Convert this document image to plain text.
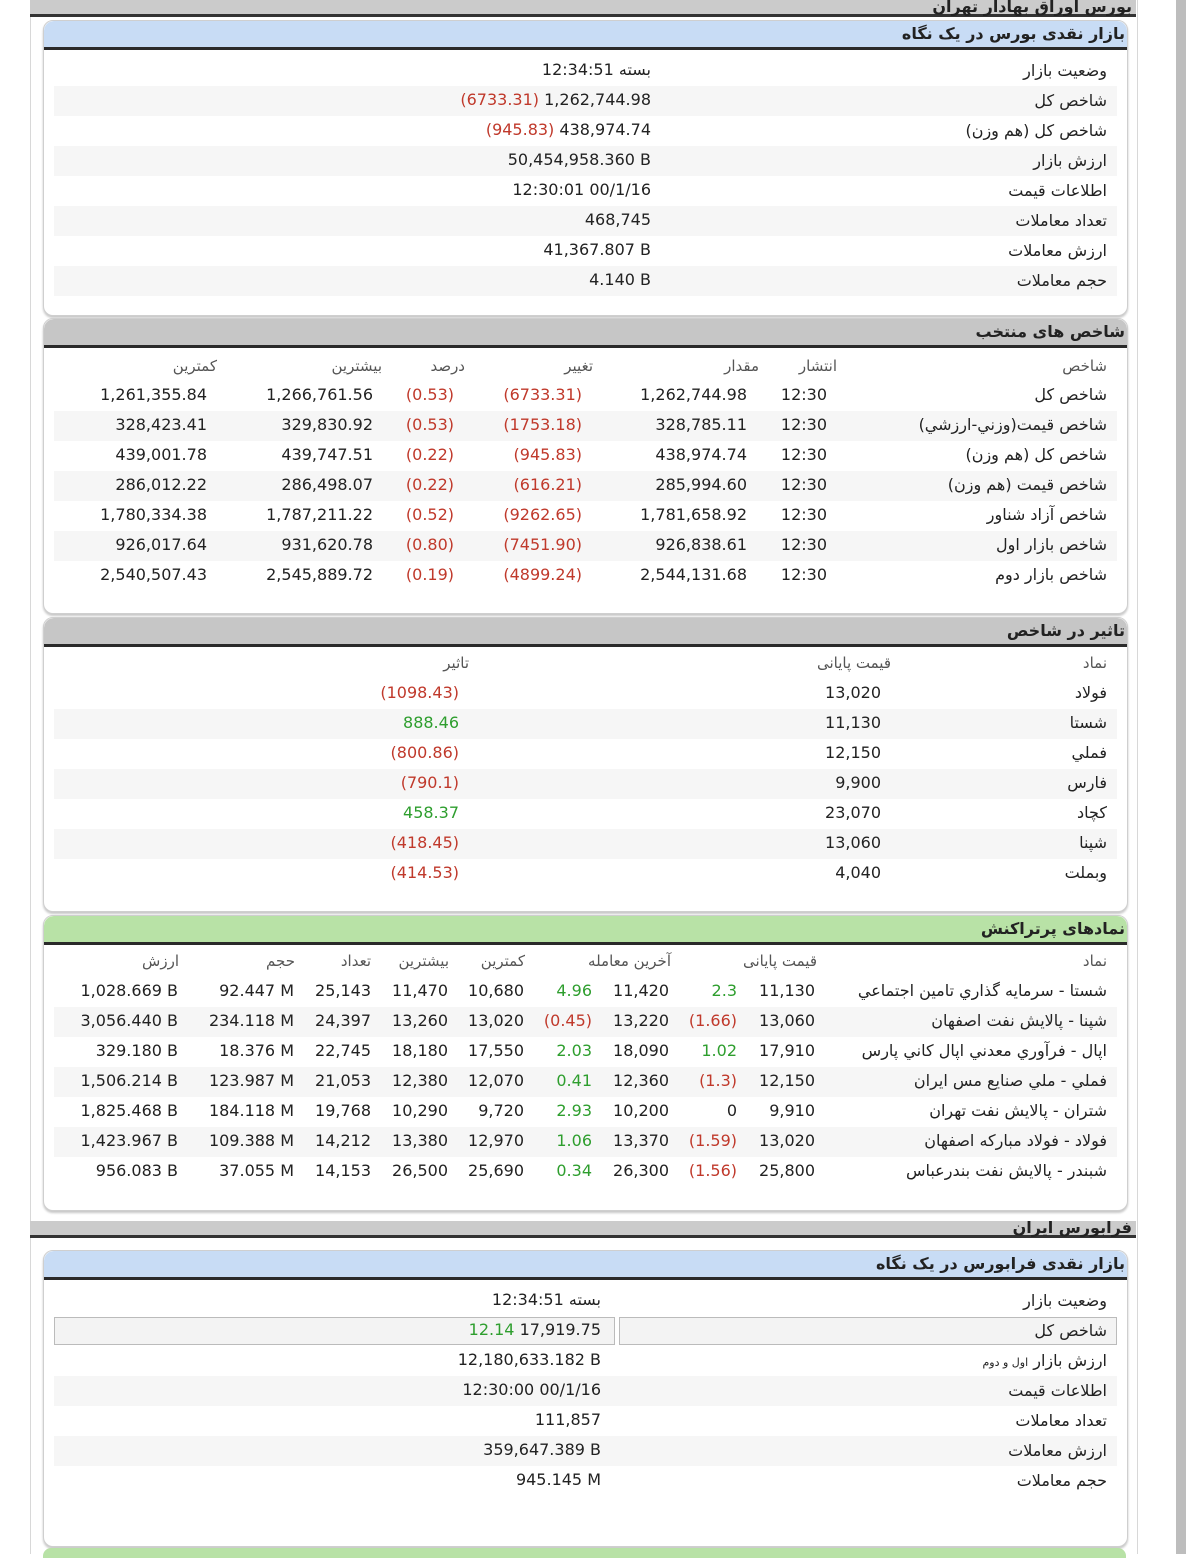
بورس اوراق بهادار تهران
بازار نقدی بورس در یک نگاه
وضعیت بازار
12:34:51 بسته
شاخص کل
(6733.31) 1,262,744.98
شاخص کل (هم وزن)
(945.83) 438,974.74
ارزش بازار
50,454,958.360 B
اطلاعات قیمت
12:30:01 00/1/16
تعداد معاملات
468,745
ارزش معاملات
41,367.807 B
حجم معاملات
4.140 B
شاخص های منتخب
شاخص
انتشار
مقدار
تغییر
درصد
بیشترین
کمترین
شاخص کل
12:30
1,262,744.98
(6733.31)
(0.53)
1,266,761.56
1,261,355.84
شاخص قیمت(وزني-ارزشي)
12:30
328,785.11
(1753.18)
(0.53)
329,830.92
328,423.41
شاخص کل (هم وزن)
12:30
438,974.74
(945.83)
(0.22)
439,747.51
439,001.78
شاخص قیمت (هم وزن)
12:30
285,994.60
(616.21)
(0.22)
286,498.07
286,012.22
شاخص آزاد شناور
12:30
1,781,658.92
(9262.65)
(0.52)
1,787,211.22
1,780,334.38
شاخص بازار اول
12:30
926,838.61
(7451.90)
(0.80)
931,620.78
926,017.64
شاخص بازار دوم
12:30
2,544,131.68
(4899.24)
(0.19)
2,545,889.72
2,540,507.43
تاثیر در شاخص
نماد
قیمت پایانی
تاثیر
فولاد
13,020
(1098.43)
شستا
11,130
888.46
فملي
12,150
(800.86)
فارس
9,900
(790.1)
کچاد
23,070
458.37
شپنا
13,060
(418.45)
وبملت
4,040
(414.53)
نمادهای پرتراکنش
نماد
قیمت پایانی
آخرین معامله
کمترین
بیشترین
تعداد
حجم
ارزش
شستا - سرمايه گذاري تامين اجتماعي
11,130
2.3
11,420
4.96
10,680
11,470
25,143
92.447 M
1,028.669 B
شپنا - پالايش نفت اصفهان
13,060
(1.66)
13,220
(0.45)
13,020
13,260
24,397
234.118 M
3,056.440 B
اپال - فرآوري معدني اپال کاني پارس
17,910
1.02
18,090
2.03
17,550
18,180
22,745
18.376 M
329.180 B
فملي - ملي صنايع مس ايران
12,150
(1.3)
12,360
0.41
12,070
12,380
21,053
123.987 M
1,506.214 B
شتران - پالايش نفت تهران
9,910
0
10,200
2.93
9,720
10,290
19,768
184.118 M
1,825.468 B
فولاد - فولاد مبارکه اصفهان
13,020
(1.59)
13,370
1.06
12,970
13,380
14,212
109.388 M
1,423.967 B
شبندر - پالايش نفت بندرعباس
25,800
(1.56)
26,300
0.34
25,690
26,500
14,153
37.055 M
956.083 B
فرابورس ایران
بازار نقدی فرابورس در یک نگاه
وضعیت بازار
12:34:51 بسته
شاخص کل
12.14 17,919.75
ارزش بازار اول و دوم
12,180,633.182 B
اطلاعات قیمت
12:30:00 00/1/16
تعداد معاملات
111,857
ارزش معاملات
359,647.389 B
حجم معاملات
945.145 M
